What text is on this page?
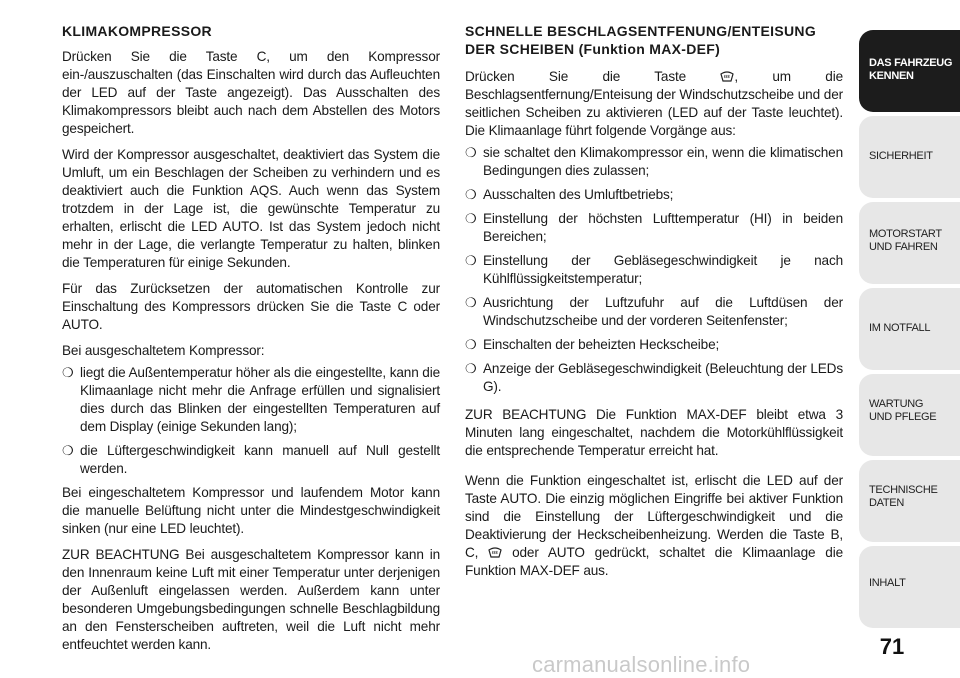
KLIMAKOMPRESSOR

Drücken Sie die Taste C, um den Kompressor ein-/auszuschalten (das Einschalten wird durch das Aufleuchten der LED auf der Taste angezeigt). Das Ausschalten des Klimakompressors bleibt auch nach dem Abstellen des Motors gespeichert.

Wird der Kompressor ausgeschaltet, deaktiviert das System die Umluft, um ein Beschlagen der Scheiben zu verhindern und es deaktiviert auch die Funktion AQS. Auch wenn das System trotzdem in der Lage ist, die gewünschte Temperatur zu erhalten, erlischt die LED AUTO. Ist das System jedoch nicht mehr in der Lage, die verlangte Temperatur zu halten, blinken die Temperaturen für einige Sekunden.

Für das Zurücksetzen der automatischen Kontrolle zur Einschaltung des Kompressors drücken Sie die Taste C oder AUTO.

Bei ausgeschaltetem Kompressor:

❍ liegt die Außentemperatur höher als die eingestellte, kann die Klimaanlage nicht mehr die Anfrage erfüllen und signalisiert dies durch das Blinken der eingestellten Temperaturen auf dem Display (einige Sekunden lang);
❍ die Lüftergeschwindigkeit kann manuell auf Null gestellt werden.

Bei eingeschaltetem Kompressor und laufendem Motor kann die manuelle Belüftung nicht unter die Mindestgeschwindigkeit sinken (nur eine LED leuchtet).

ZUR BEACHTUNG Bei ausgeschaltetem Kompressor kann in den Innenraum keine Luft mit einer Temperatur unter derjenigen der Außenluft eingelassen werden. Außerdem kann unter besonderen Umgebungsbedingungen schnelle Beschlagbildung an den Fensterscheiben auftreten, weil die Luft nicht mehr entfeuchtet werden kann.

SCHNELLE BESCHLAGSENTFENUNG/ENTEISUNG
DER SCHEIBEN (Funktion MAX-DEF)

Drücken Sie die Taste	, um die Beschlagsentfernung/Enteisung der Windschutzscheibe und der seitlichen Scheiben zu aktivieren (LED auf der Taste leuchtet). Die Klimaanlage führt folgende Vorgänge aus:

❍ sie schaltet den Klimakompressor ein, wenn die klimatischen Bedingungen dies zulassen;
❍ Ausschalten des Umluftbetriebs;
❍ Einstellung der höchsten Lufttemperatur (HI) in beiden Bereichen;
❍ Einstellung der Gebläsegeschwindigkeit je nach Kühlflüssigkeitstemperatur;
❍ Ausrichtung der Luftzufuhr auf die Luftdüsen der Windschutzscheibe und der vorderen Seitenfenster;
❍ Einschalten der beheizten Heckscheibe;
❍ Anzeige der Gebläsegeschwindigkeit (Beleuchtung der LEDs G).

ZUR BEACHTUNG Die Funktion MAX-DEF bleibt etwa 3 Minuten lang eingeschaltet, nachdem die Motorkühlflüssigkeit die entsprechende Temperatur erreicht hat.

Wenn die Funktion eingeschaltet ist, erlischt die LED auf der Taste AUTO. Die einzig möglichen Eingriffe bei aktiver Funktion sind die Einstellung der Lüftergeschwindigkeit und die Deaktivierung der Heckscheibenheizung. Werden die Taste B, C, oder AUTO gedrückt, schaltet die Klimaanlage die Funktion MAX-DEF aus.

DAS FAHRZEUG
KENNEN
SICHERHEIT
MOTORSTART
UND FAHREN
IM NOTFALL
WARTUNG
UND PFLEGE
TECHNISCHE
DATEN
INHALT
71
carmanualsonline.info
